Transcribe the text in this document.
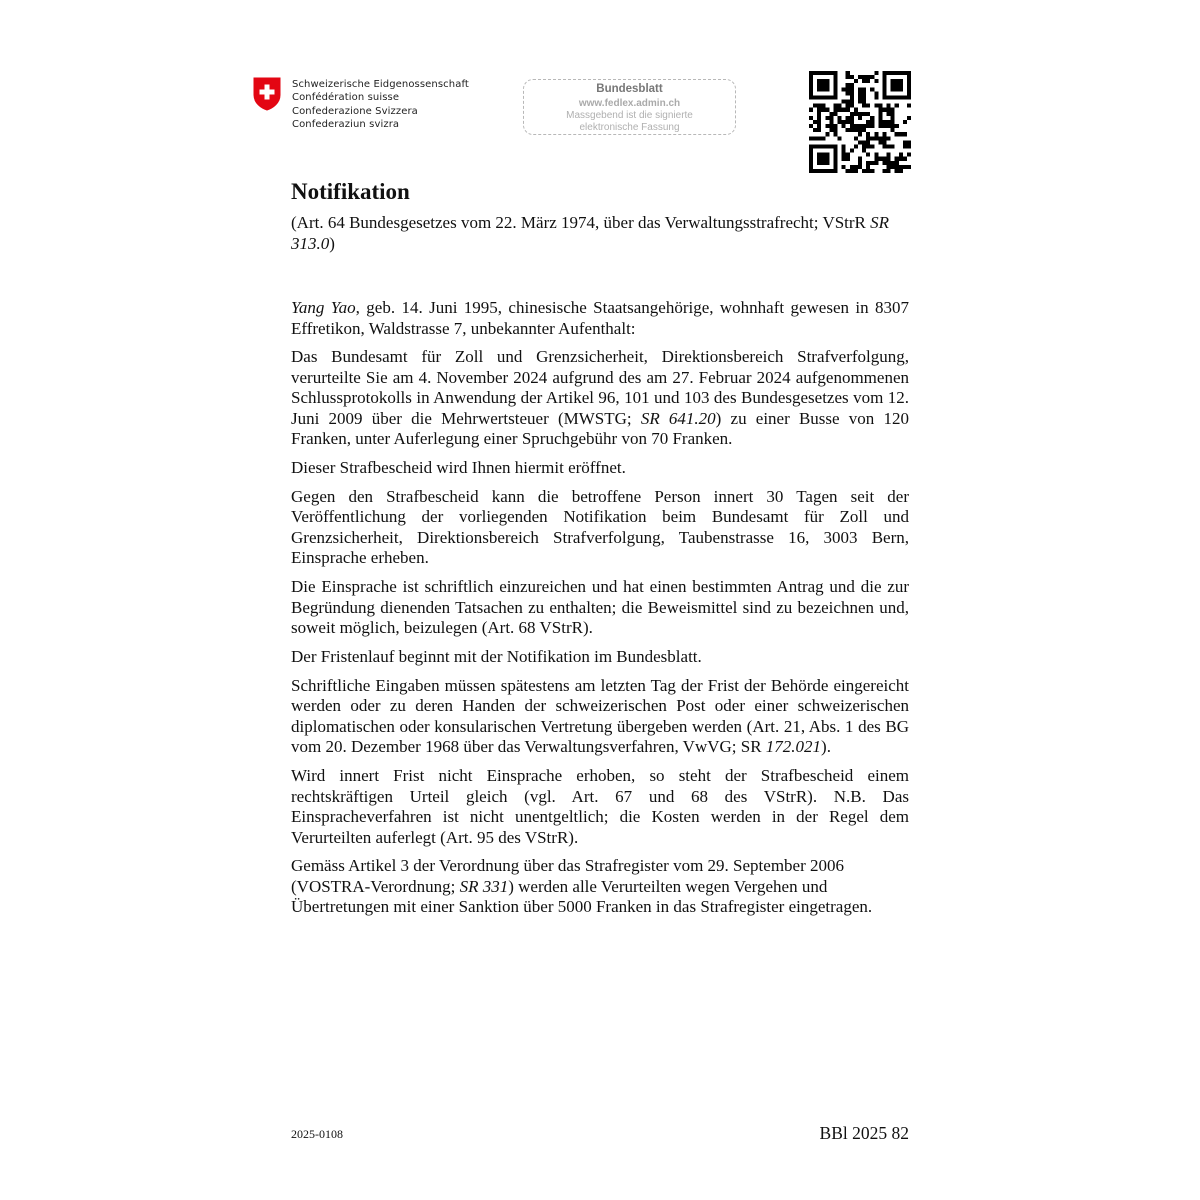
Schweizerische Eidgenossenschaft
Confédération suisse
Confederazione Svizzera
Confederaziun svizra
Bundesblatt
www.fedlex.admin.ch
Massgebend ist die signierte
elektronische Fassung
Notifikation
(Art. 64 Bundesgesetzes vom 22. März 1974, über das Verwaltungsstrafrecht; VStrR SR 313.0)

Yang Yao, geb. 14. Juni 1995, chinesische Staatsangehörige, wohnhaft gewesen in 8307 Effretikon, Waldstrasse 7, unbekannter Aufenthalt:

Das Bundesamt für Zoll und Grenzsicherheit, Direktionsbereich Strafverfolgung, verurteilte Sie am 4. November 2024 aufgrund des am 27. Februar 2024 aufgenommenen Schlussprotokolls in Anwendung der Artikel 96, 101 und 103 des Bundesgesetzes vom 12. Juni 2009 über die Mehrwertsteuer (MWSTG; SR 641.20) zu einer Busse von 120 Franken, unter Auferlegung einer Spruchgebühr von 70 Franken.

Dieser Strafbescheid wird Ihnen hiermit eröffnet.

Gegen den Strafbescheid kann die betroffene Person innert 30 Tagen seit der Veröffentlichung der vorliegenden Notifikation beim Bundesamt für Zoll und Grenzsicherheit, Direktionsbereich Strafverfolgung, Taubenstrasse 16, 3003 Bern, Einsprache erheben.

Die Einsprache ist schriftlich einzureichen und hat einen bestimmten Antrag und die zur Begründung dienenden Tatsachen zu enthalten; die Beweismittel sind zu bezeichnen und, soweit möglich, beizulegen (Art. 68 VStrR).

Der Fristenlauf beginnt mit der Notifikation im Bundesblatt.

Schriftliche Eingaben müssen spätestens am letzten Tag der Frist der Behörde eingereicht werden oder zu deren Handen der schweizerischen Post oder einer schweizerischen diplomatischen oder konsularischen Vertretung übergeben werden (Art. 21, Abs. 1 des BG vom 20. Dezember 1968 über das Verwaltungsverfahren, VwVG; SR 172.021).

Wird innert Frist nicht Einsprache erhoben, so steht der Strafbescheid einem rechtskräftigen Urteil gleich (vgl. Art. 67 und 68 des VStrR). N.B. Das Einspracheverfahren ist nicht unentgeltlich; die Kosten werden in der Regel dem Verurteilten auferlegt (Art. 95 des VStrR).

Gemäss Artikel 3 der Verordnung über das Strafregister vom 29. September 2006 (VOSTRA-Verordnung; SR 331) werden alle Verurteilten wegen Vergehen und Übertretungen mit einer Sanktion über 5000 Franken in das Strafregister eingetragen.

2025-0108	BBl 2025 82
